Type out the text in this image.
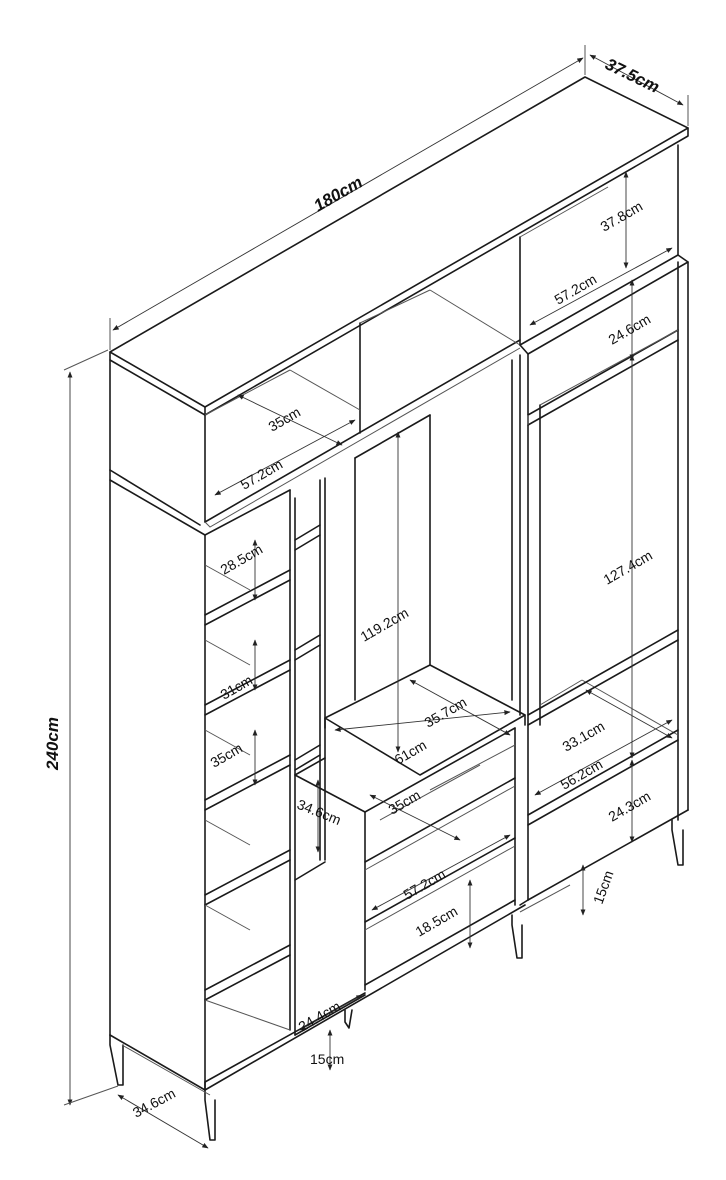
180cm
37.5cm
240cm
34.6cm
35cm
57.2cm
37.8cm
57.2cm
24.6cm
127.4cm
33.1cm
56.2cm
24.3cm
15cm
28.5cm
31cm
35cm
34.6cm
119.2cm
35.7cm
61cm
35cm
57.2cm
18.5cm
24.4cm
15cm
